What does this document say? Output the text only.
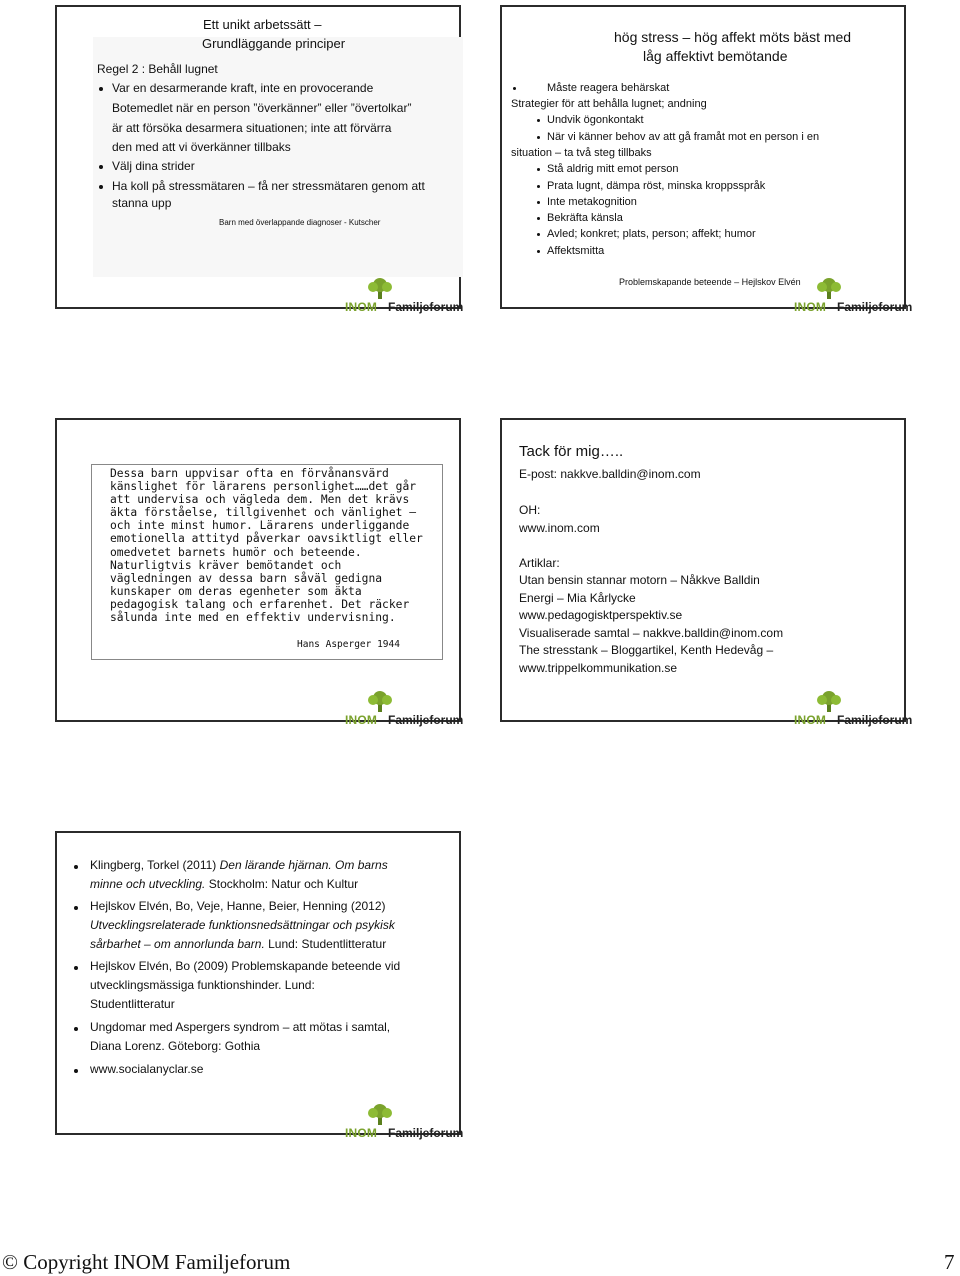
Ett unikt arbetssätt –
Grundläggande principer
Regel 2 : Behåll lugnet
Var en desarmerande kraft, inte en provocerande
Botemedlet när en person ”överkänner” eller ”övertolkar”
är att försöka desarmera situationen; inte att förvärra
den med att vi överkänner tillbaks
Välj dina strider
Ha koll på stressmätaren – få ner stressmätaren genom att
stanna upp
Barn med överlappande diagnoser - Kutscher
INOM Familjeforum
hög stress – hög affekt möts bäst med
låg affektivt bemötande
Måste reagera behärskat
Strategier för att behålla lugnet; andning
Undvik ögonkontakt
När vi känner behov av att gå framåt mot en person i en
situation – ta två steg tillbaks
Stå aldrig mitt emot person
Prata lugnt, dämpa röst, minska kroppsspråk
Inte metakognition
Bekräfta känsla
Avled; konkret; plats, person; affekt; humor
Affektsmitta
Problemskapande beteende – Hejlskov Elvén
INOM Familjeforum
Dessa barn uppvisar ofta en förvånansvärd
känslighet för lärarens personlighet……det går
att undervisa och vägleda dem. Men det krävs
äkta förståelse, tillgivenhet och vänlighet –
och inte minst humor. Lärarens underliggande
emotionella attityd påverkar oavsiktligt eller
omedvetet barnets humör och beteende.
Naturligtvis kräver bemötandet och
vägledningen av dessa barn såväl gedigna
kunskaper om deras egenheter som äkta
pedagogisk talang och erfarenhet. Det räcker
sålunda inte med en effektiv undervisning.
Hans Asperger 1944
INOM Familjeforum
Tack för mig…..
E-post: nakkve.balldin@inom.com
OH:
www.inom.com
Artiklar:
Utan bensin stannar motorn – Nåkkve Balldin
Energi – Mia Kårlycke
www.pedagogisktperspektiv.se
Visualiserade samtal – nakkve.balldin@inom.com
The stresstank – Bloggartikel, Kenth Hedevåg –
www.trippelkommunikation.se
INOM Familjeforum
Klingberg, Torkel (2011) Den lärande hjärnan. Om barns
minne och utveckling. Stockholm: Natur och Kultur
Hejlskov Elvén, Bo, Veje, Hanne, Beier, Henning (2012)
Utvecklingsrelaterade funktionsnedsättningar och psykisk
sårbarhet – om annorlunda barn. Lund: Studentlitteratur
Hejlskov Elvén, Bo (2009) Problemskapande beteende vid
utvecklingsmässiga funktionshinder. Lund:
Studentlitteratur
Ungdomar med Aspergers syndrom – att mötas i samtal,
Diana Lorenz. Göteborg: Gothia
www.socialanyclar.se
INOM Familjeforum
© Copyright INOM Familjeforum	7
